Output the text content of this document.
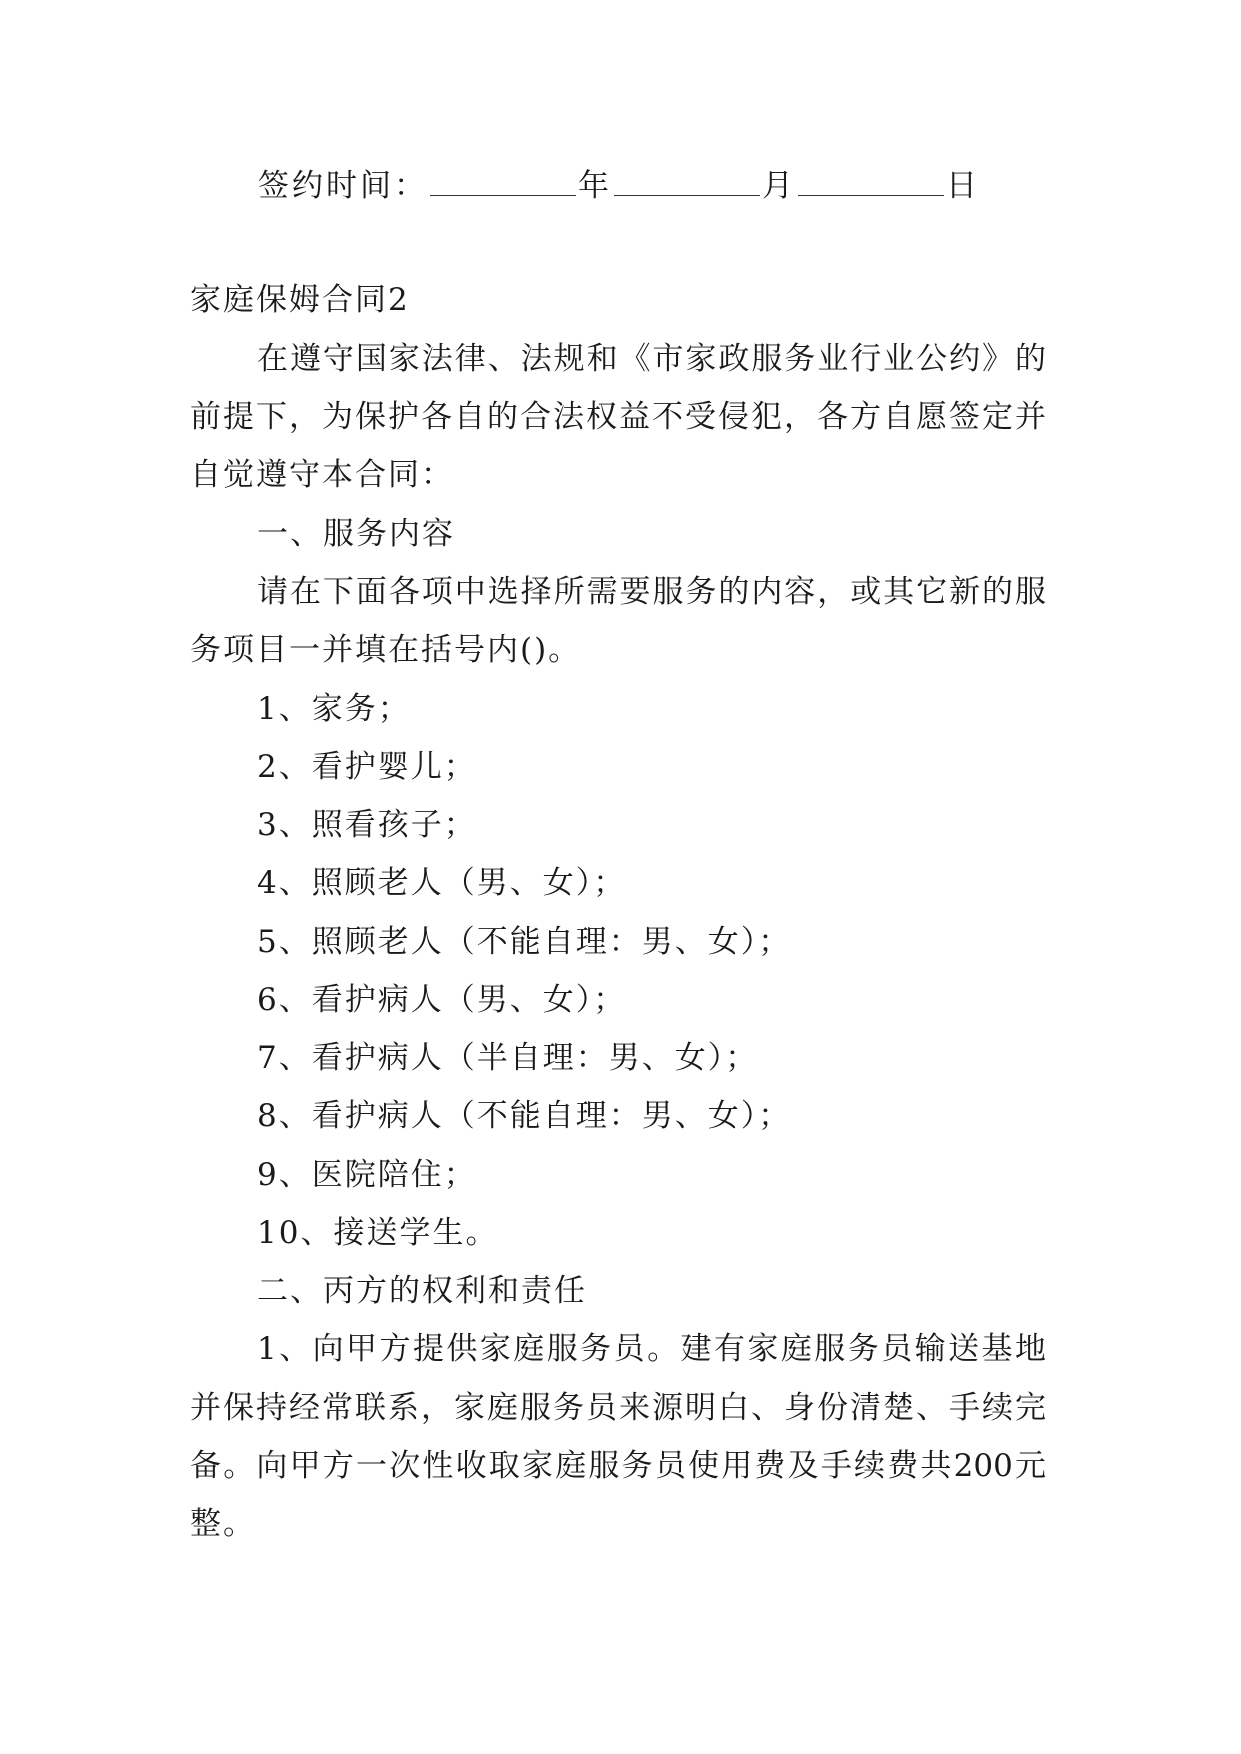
签约时间：	年	月	日
家庭保姆合同2
在遵守国家法律、法规和《市家政服务业行业公约》的
前提下，为保护各自的合法权益不受侵犯，各方自愿签定并
自觉遵守本合同：
一、服务内容
请在下面各项中选择所需要服务的内容，或其它新的服
务项目一并填在括号内()。
1、家务；
2、看护婴儿；
3、照看孩子；
4、照顾老人（男、女）；
5、照顾老人（不能自理：男、女）；
6、看护病人（男、女）；
7、看护病人（半自理：男、女）；
8、看护病人（不能自理：男、女）；
9、医院陪住；
10、接送学生。
二、丙方的权利和责任
1、向甲方提供家庭服务员。建有家庭服务员输送基地
并保持经常联系，家庭服务员来源明白、身份清楚、手续完
备。向甲方一次性收取家庭服务员使用费及手续费共200元
整。
